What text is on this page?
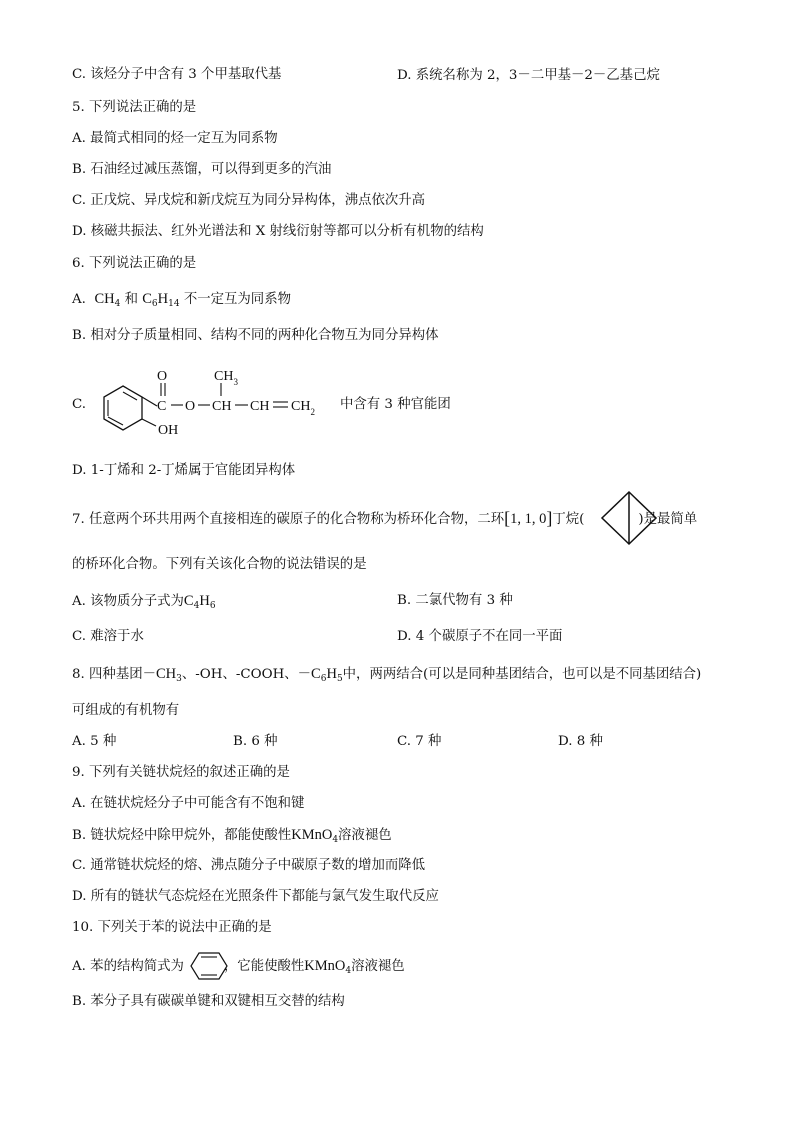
C. 该烃分子中含有 3 个甲基取代基	D. 系统名称为 2，3－二甲基－2－乙基己烷
5. 下列说法正确的是
A. 最简式相同的烃一定互为同系物
B. 石油经过减压蒸馏，可以得到更多的汽油
C. 正戊烷、异戊烷和新戊烷互为同分异构体，沸点依次升高
D. 核磁共振法、红外光谱法和 X 射线衍射等都可以分析有机物的结构
6. 下列说法正确的是
A. $CH_4$ 和 $C_6H_{14}$ 不一定互为同系物
B. 相对分子质量相同、结构不同的两种化合物互为同分异构体
C.
O
C O CH
$CH_3$
CH $CH_2$
OH
中含有 3 种官能团
D. 1-丁烯和 2-丁烯属于官能团异构体
7. 任意两个环共用两个直接相连的碳原子的化合物称为桥环化合物，二环[1, 1, 0]丁烷(	)是最简单
的桥环化合物。下列有关该化合物的说法错误的是
A. 该物质分子式为$C_4H_6$	B. 二氯代物有 3 种
C. 难溶于水	D. 4 个碳原子不在同一平面
8. 四种基团$-CH_3$、-OH、-COOH、$-C_6H_5$中，两两结合(可以是同种基团结合，也可以是不同基团结合)
可组成的有机物有
A. 5 种	B. 6 种	C. 7 种	D. 8 种
9. 下列有关链状烷烃的叙述正确的是
A. 在链状烷烃分子中可能含有不饱和键
B. 链状烷烃中除甲烷外，都能使酸性KMnO$_4$溶液褪色
C. 通常链状烷烃的熔、沸点随分子中碳原子数的增加而降低
D. 所有的链状气态烷烃在光照条件下都能与氯气发生取代反应
10. 下列关于苯的说法中正确的是
A. 苯的结构简式为	，它能使酸性KMnO$_4$溶液褪色
B. 苯分子具有碳碳单键和双键相互交替的结构
